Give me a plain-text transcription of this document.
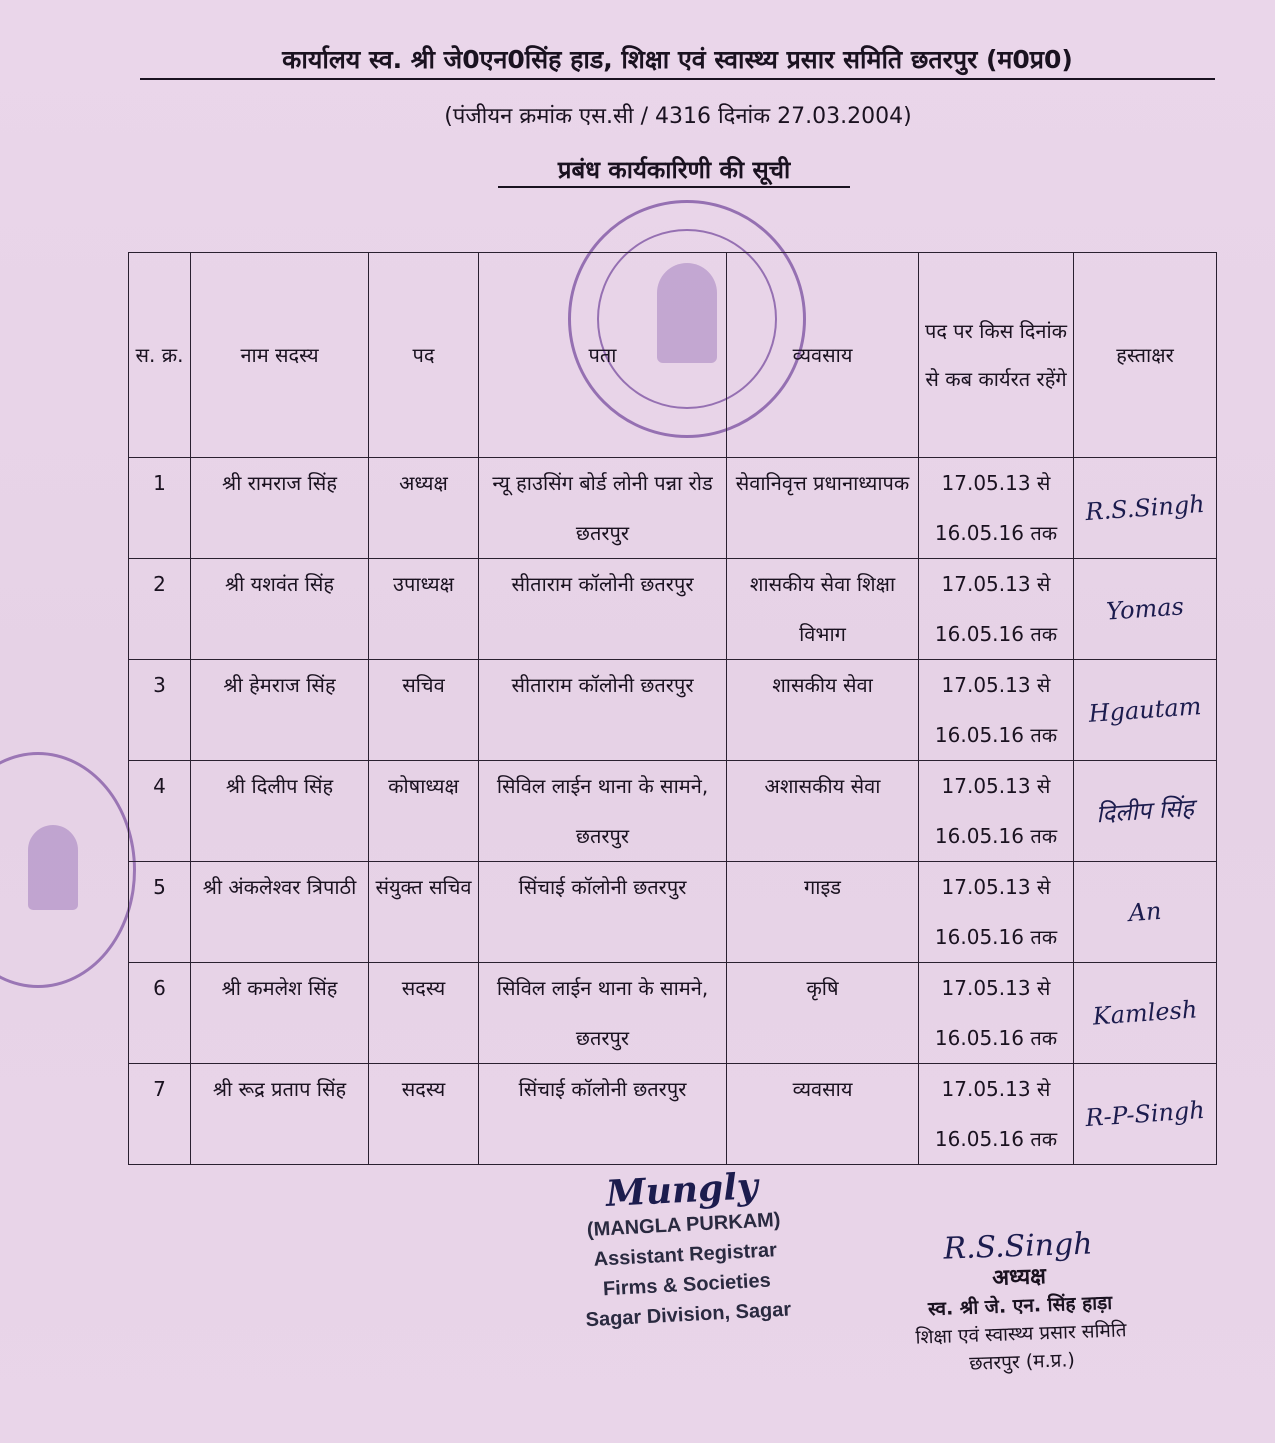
कार्यालय स्व. श्री जे0एन0सिंह हाड, शिक्षा एवं स्वास्थ्य प्रसार समिति छतरपुर (म0प्र0)
(पंजीयन क्रमांक एस.सी / 4316 दिनांक 27.03.2004)
प्रबंध कार्यकारिणी की सूची
स. क्र.	नाम सदस्य	पद	पता	व्यवसाय	पद पर किस दिनांक से कब कार्यरत रहेंगे	हस्ताक्षर
1	श्री रामराज सिंह	अध्यक्ष	न्यू हाउसिंग बोर्ड लोनी पन्ना रोड छतरपुर	सेवानिवृत्त प्रधानाध्यापक	17.05.13 से
16.05.16 तक	R.S.Singh

2	श्री यशवंत सिंह	उपाध्यक्ष	सीताराम कॉलोनी छतरपुर	शासकीय सेवा शिक्षा विभाग	17.05.13 से
16.05.16 तक	Yomas

3	श्री हेमराज सिंह	सचिव	सीताराम कॉलोनी छतरपुर	शासकीय सेवा	17.05.13 से
16.05.16 तक	Hgautam

4	श्री दिलीप सिंह	कोषाध्यक्ष	सिविल लाईन थाना के सामने, छतरपुर	अशासकीय सेवा	17.05.13 से
16.05.16 तक	दिलीप सिंह

5	श्री अंकलेश्वर त्रिपाठी	संयुक्त सचिव	सिंचाई कॉलोनी छतरपुर	गाइड	17.05.13 से
16.05.16 तक	An

6	श्री कमलेश सिंह	सदस्य	सिविल लाईन थाना के सामने, छतरपुर	कृषि	17.05.13 से
16.05.16 तक	Kamlesh

7	श्री रूद्र प्रताप सिंह	सदस्य	सिंचाई कॉलोनी छतरपुर	व्यवसाय	17.05.13 से
16.05.16 तक	R-P-Singh
Mungly
(MANGLA PURKAM)
Assistant Registrar
Firms & Societies
Sagar Division, Sagar
R.S.Singh
अध्यक्ष
स्व. श्री जे. एन. सिंह हाड़ा
शिक्षा एवं स्वास्थ्य प्रसार समिति
छतरपुर (म.प्र.)
